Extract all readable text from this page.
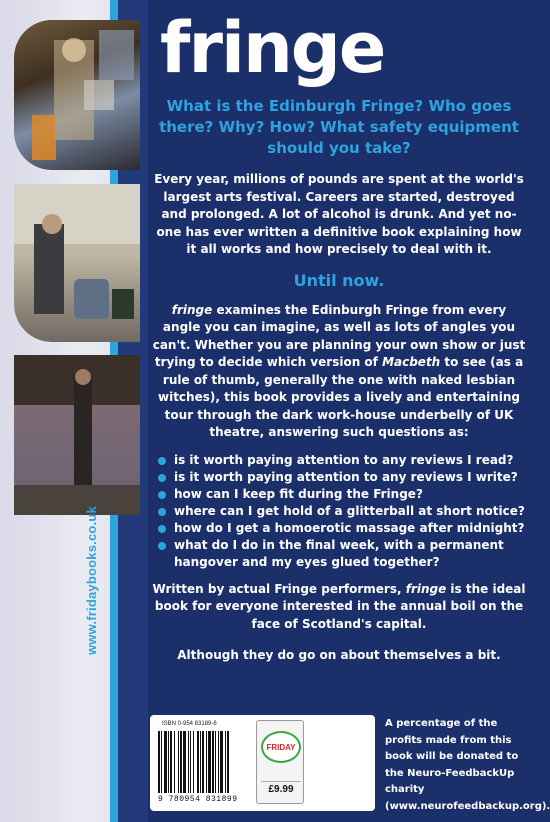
www.fridaybooks.co.uk
fringe

What is the Edinburgh Fringe? Who goes there? Why? How? What safety equipment should you take?

Every year, millions of pounds are spent at the world's largest arts festival. Careers are started, destroyed and prolonged. A lot of alcohol is drunk. And yet no-one has ever written a definitive book explaining how it all works and how precisely to deal with it.

Until now.

fringe examines the Edinburgh Fringe from every angle you can imagine, as well as lots of angles you can't. Whether you are planning your own show or just trying to decide which version of Macbeth to see (as a rule of thumb, generally the one with naked lesbian witches), this book provides a lively and entertaining tour through the dark work-house underbelly of UK theatre, answering such questions as:

is it worth paying attention to any reviews I read?
is it worth paying attention to any reviews I write?
how can I keep fit during the Fringe?
where can I get hold of a glitterball at short notice?
how do I get a homoerotic massage after midnight?
what do I do in the final week, with a permanent hangover and my eyes glued together?

Written by actual Fringe performers, fringe is the ideal book for everyone interested in the annual boil on the face of Scotland's capital.

Although they do go on about themselves a bit.

ISBN 0-954 83189-6
9 780954 831899
FRIDAY
£9.99
A percentage of the profits made from this book will be donated to the Neuro-FeedbackUp charity (www.neurofeedbackup.org).
